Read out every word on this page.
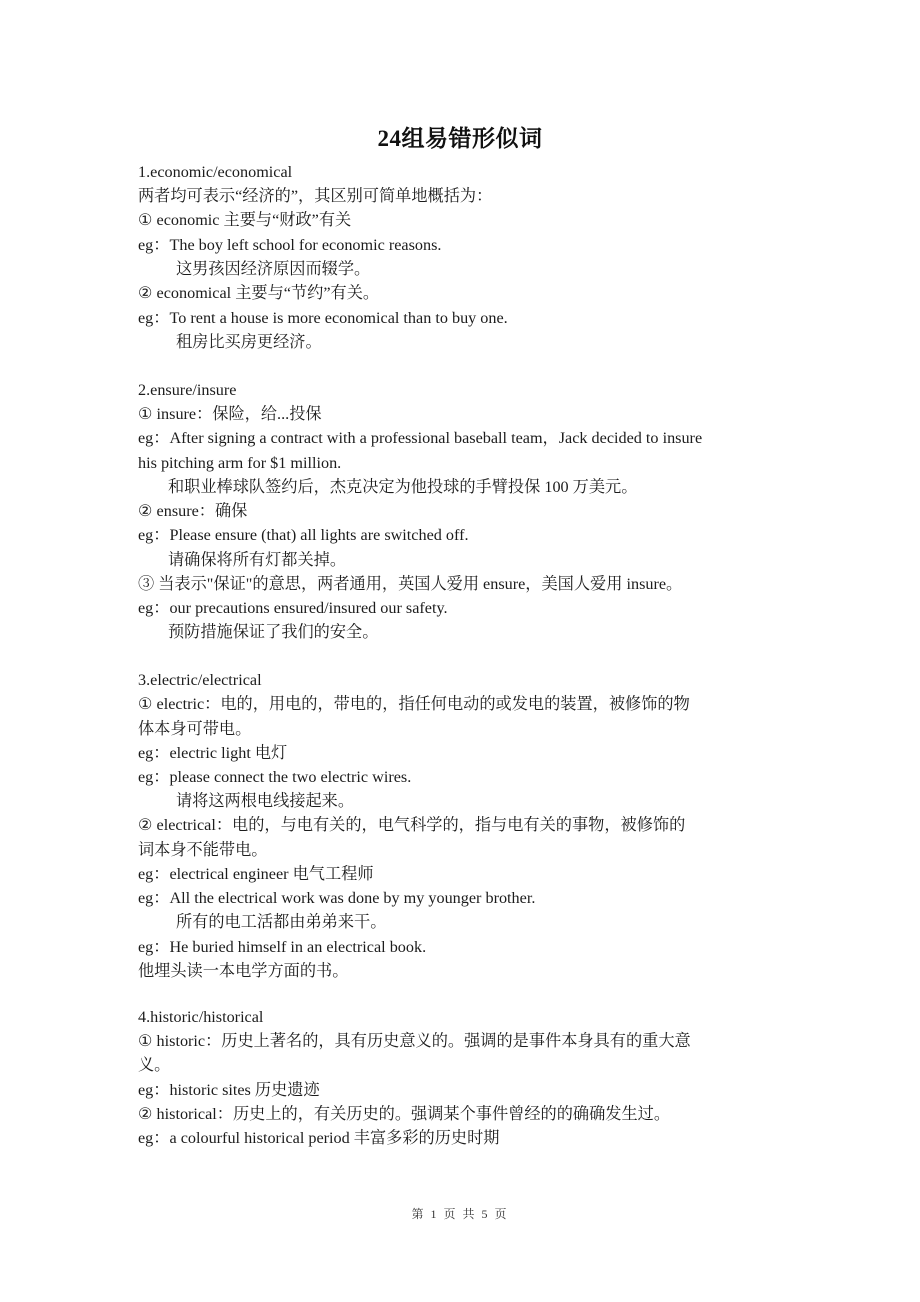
24组易错形似词
1.economic/economical
两者均可表示“经济的”，其区别可简单地概括为：
① economic 主要与“财政”有关
eg：The boy left school for economic reasons.
这男孩因经济原因而辍学。
② economical 主要与“节约”有关。
eg：To rent a house is more economical than to buy one.
租房比买房更经济。
2.ensure/insure
① insure：保险，给...投保
eg：After signing a contract with a professional baseball team，Jack decided to insure
his pitching arm for $1 million.
和职业棒球队签约后，杰克决定为他投球的手臂投保 100 万美元。
② ensure：确保
eg：Please ensure (that) all lights are switched off.
请确保将所有灯都关掉。
③ 当表示"保证"的意思，两者通用，英国人爱用 ensure，美国人爱用 insure。
eg：our precautions ensured/insured our safety.
预防措施保证了我们的安全。
3.electric/electrical
① electric：电的，用电的，带电的，指任何电动的或发电的装置，被修饰的物
体本身可带电。
eg：electric light 电灯
eg：please connect the two electric wires.
请将这两根电线接起来。
② electrical：电的，与电有关的，电气科学的，指与电有关的事物，被修饰的
词本身不能带电。
eg：electrical engineer 电气工程师
eg：All the electrical work was done by my younger brother.
所有的电工活都由弟弟来干。
eg：He buried himself in an electrical book.
他埋头读一本电学方面的书。
4.historic/historical
① historic：历史上著名的，具有历史意义的。强调的是事件本身具有的重大意
义。
eg：historic sites 历史遗迹
② historical：历史上的，有关历史的。强调某个事件曾经的的确确发生过。
eg：a colourful historical period 丰富多彩的历史时期
第 1 页 共 5 页
